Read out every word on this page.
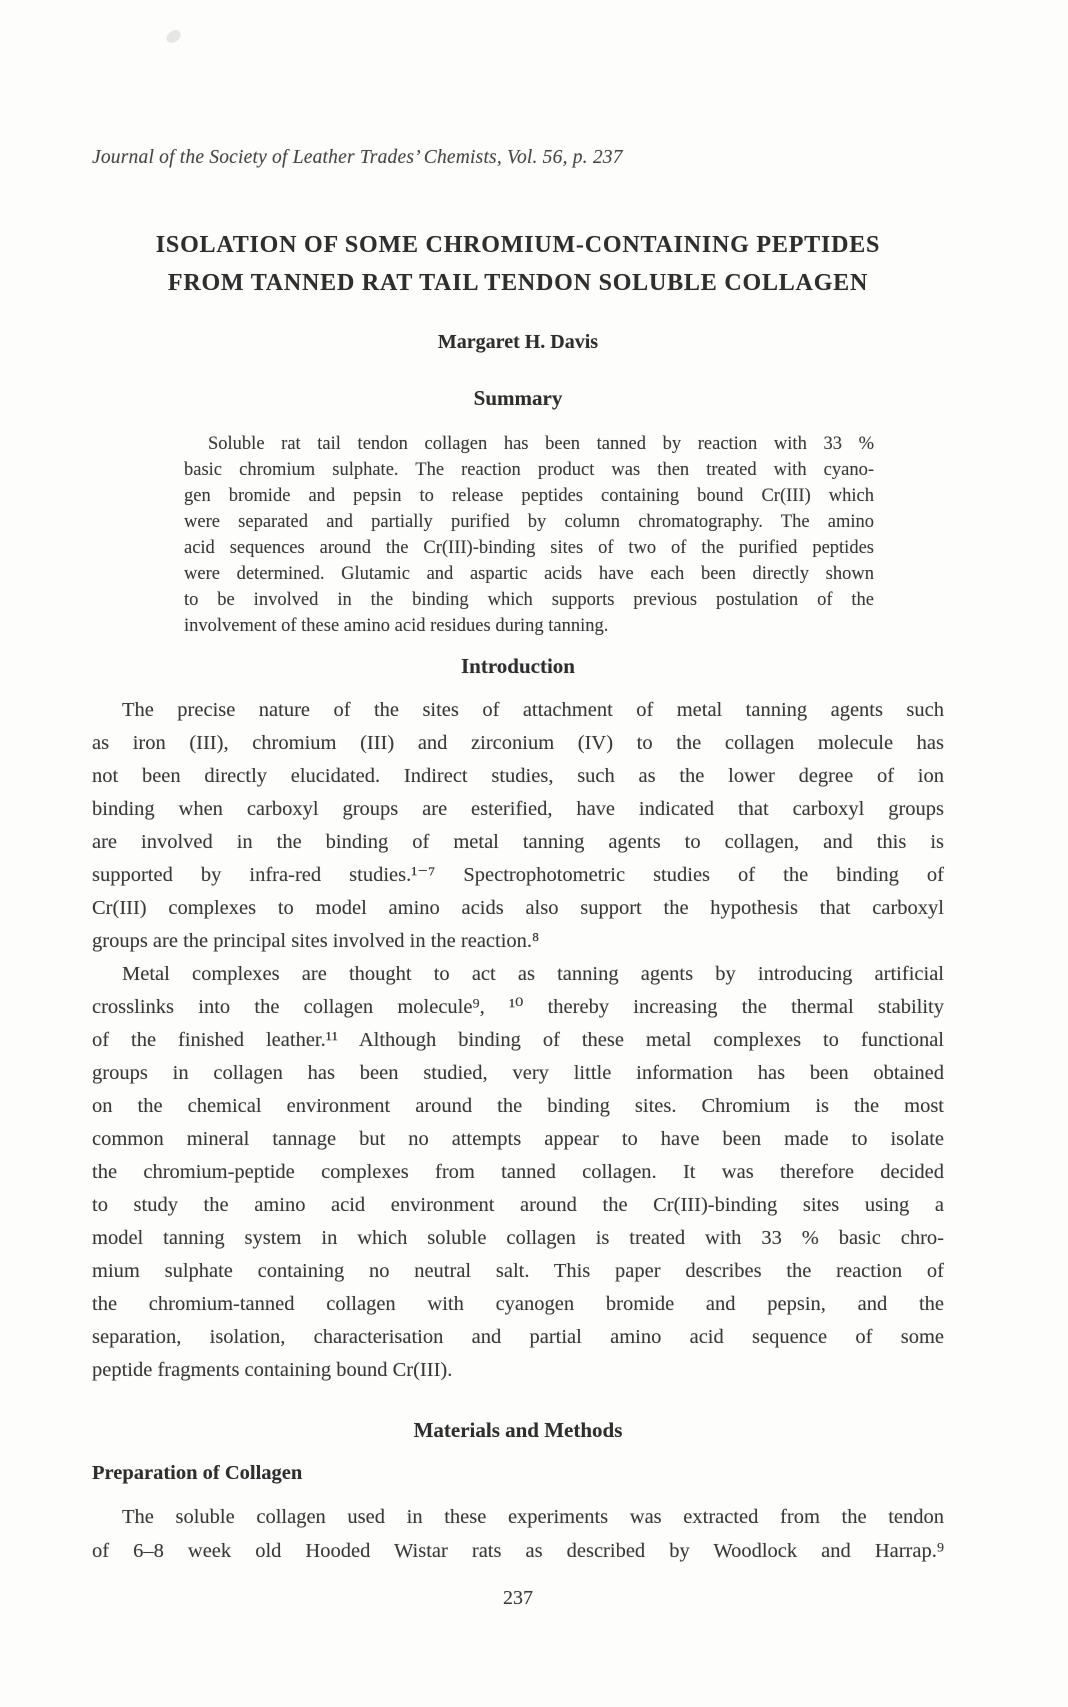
Journal of the Society of Leather Trades’ Chemists, Vol. 56, p. 237
ISOLATION OF SOME CHROMIUM-CONTAINING PEPTIDES
FROM TANNED RAT TAIL TENDON SOLUBLE COLLAGEN
Margaret H. Davis
Summary
Soluble rat tail tendon collagen has been tanned by reaction with 33 %
basic chromium sulphate. The reaction product was then treated with cyano-
gen bromide and pepsin to release peptides containing bound Cr(III) which
were separated and partially purified by column chromatography. The amino
acid sequences around the Cr(III)-binding sites of two of the purified peptides
were determined. Glutamic and aspartic acids have each been directly shown
to be involved in the binding which supports previous postulation of the
involvement of these amino acid residues during tanning.
Introduction
The precise nature of the sites of attachment of metal tanning agents such
as iron (III), chromium (III) and zirconium (IV) to the collagen molecule has
not been directly elucidated. Indirect studies, such as the lower degree of ion
binding when carboxyl groups are esterified, have indicated that carboxyl groups
are involved in the binding of metal tanning agents to collagen, and this is
supported by infra-red studies.¹⁻⁷ Spectrophotometric studies of the binding of
Cr(III) complexes to model amino acids also support the hypothesis that carboxyl
groups are the principal sites involved in the reaction.⁸
Metal complexes are thought to act as tanning agents by introducing artificial
crosslinks into the collagen molecule⁹, ¹⁰ thereby increasing the thermal stability
of the finished leather.¹¹ Although binding of these metal complexes to functional
groups in collagen has been studied, very little information has been obtained
on the chemical environment around the binding sites. Chromium is the most
common mineral tannage but no attempts appear to have been made to isolate
the chromium-peptide complexes from tanned collagen. It was therefore decided
to study the amino acid environment around the Cr(III)-binding sites using a
model tanning system in which soluble collagen is treated with 33 % basic chro-
mium sulphate containing no neutral salt. This paper describes the reaction of
the chromium-tanned collagen with cyanogen bromide and pepsin, and the
separation, isolation, characterisation and partial amino acid sequence of some
peptide fragments containing bound Cr(III).
Materials and Methods
Preparation of Collagen
The soluble collagen used in these experiments was extracted from the tendon
of 6–8 week old Hooded Wistar rats as described by Woodlock and Harrap.⁹
237
